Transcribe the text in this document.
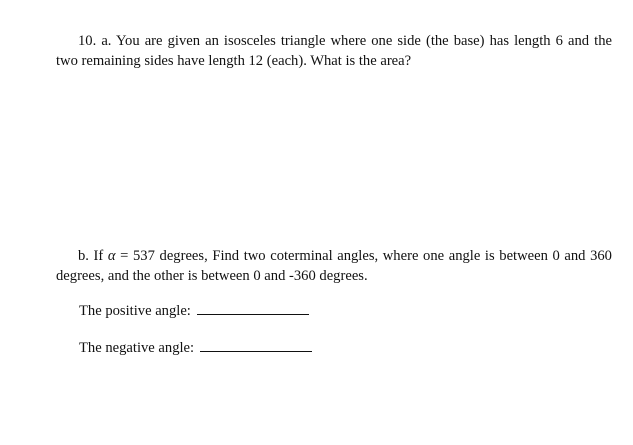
10. a. You are given an isosceles triangle where one side (the base) has length 6 and the two remaining sides have length 12 (each). What is the area?
b. If α = 537 degrees, Find two coterminal angles, where one angle is between 0 and 360 degrees, and the other is between 0 and -360 degrees.
The positive angle:
The negative angle:
